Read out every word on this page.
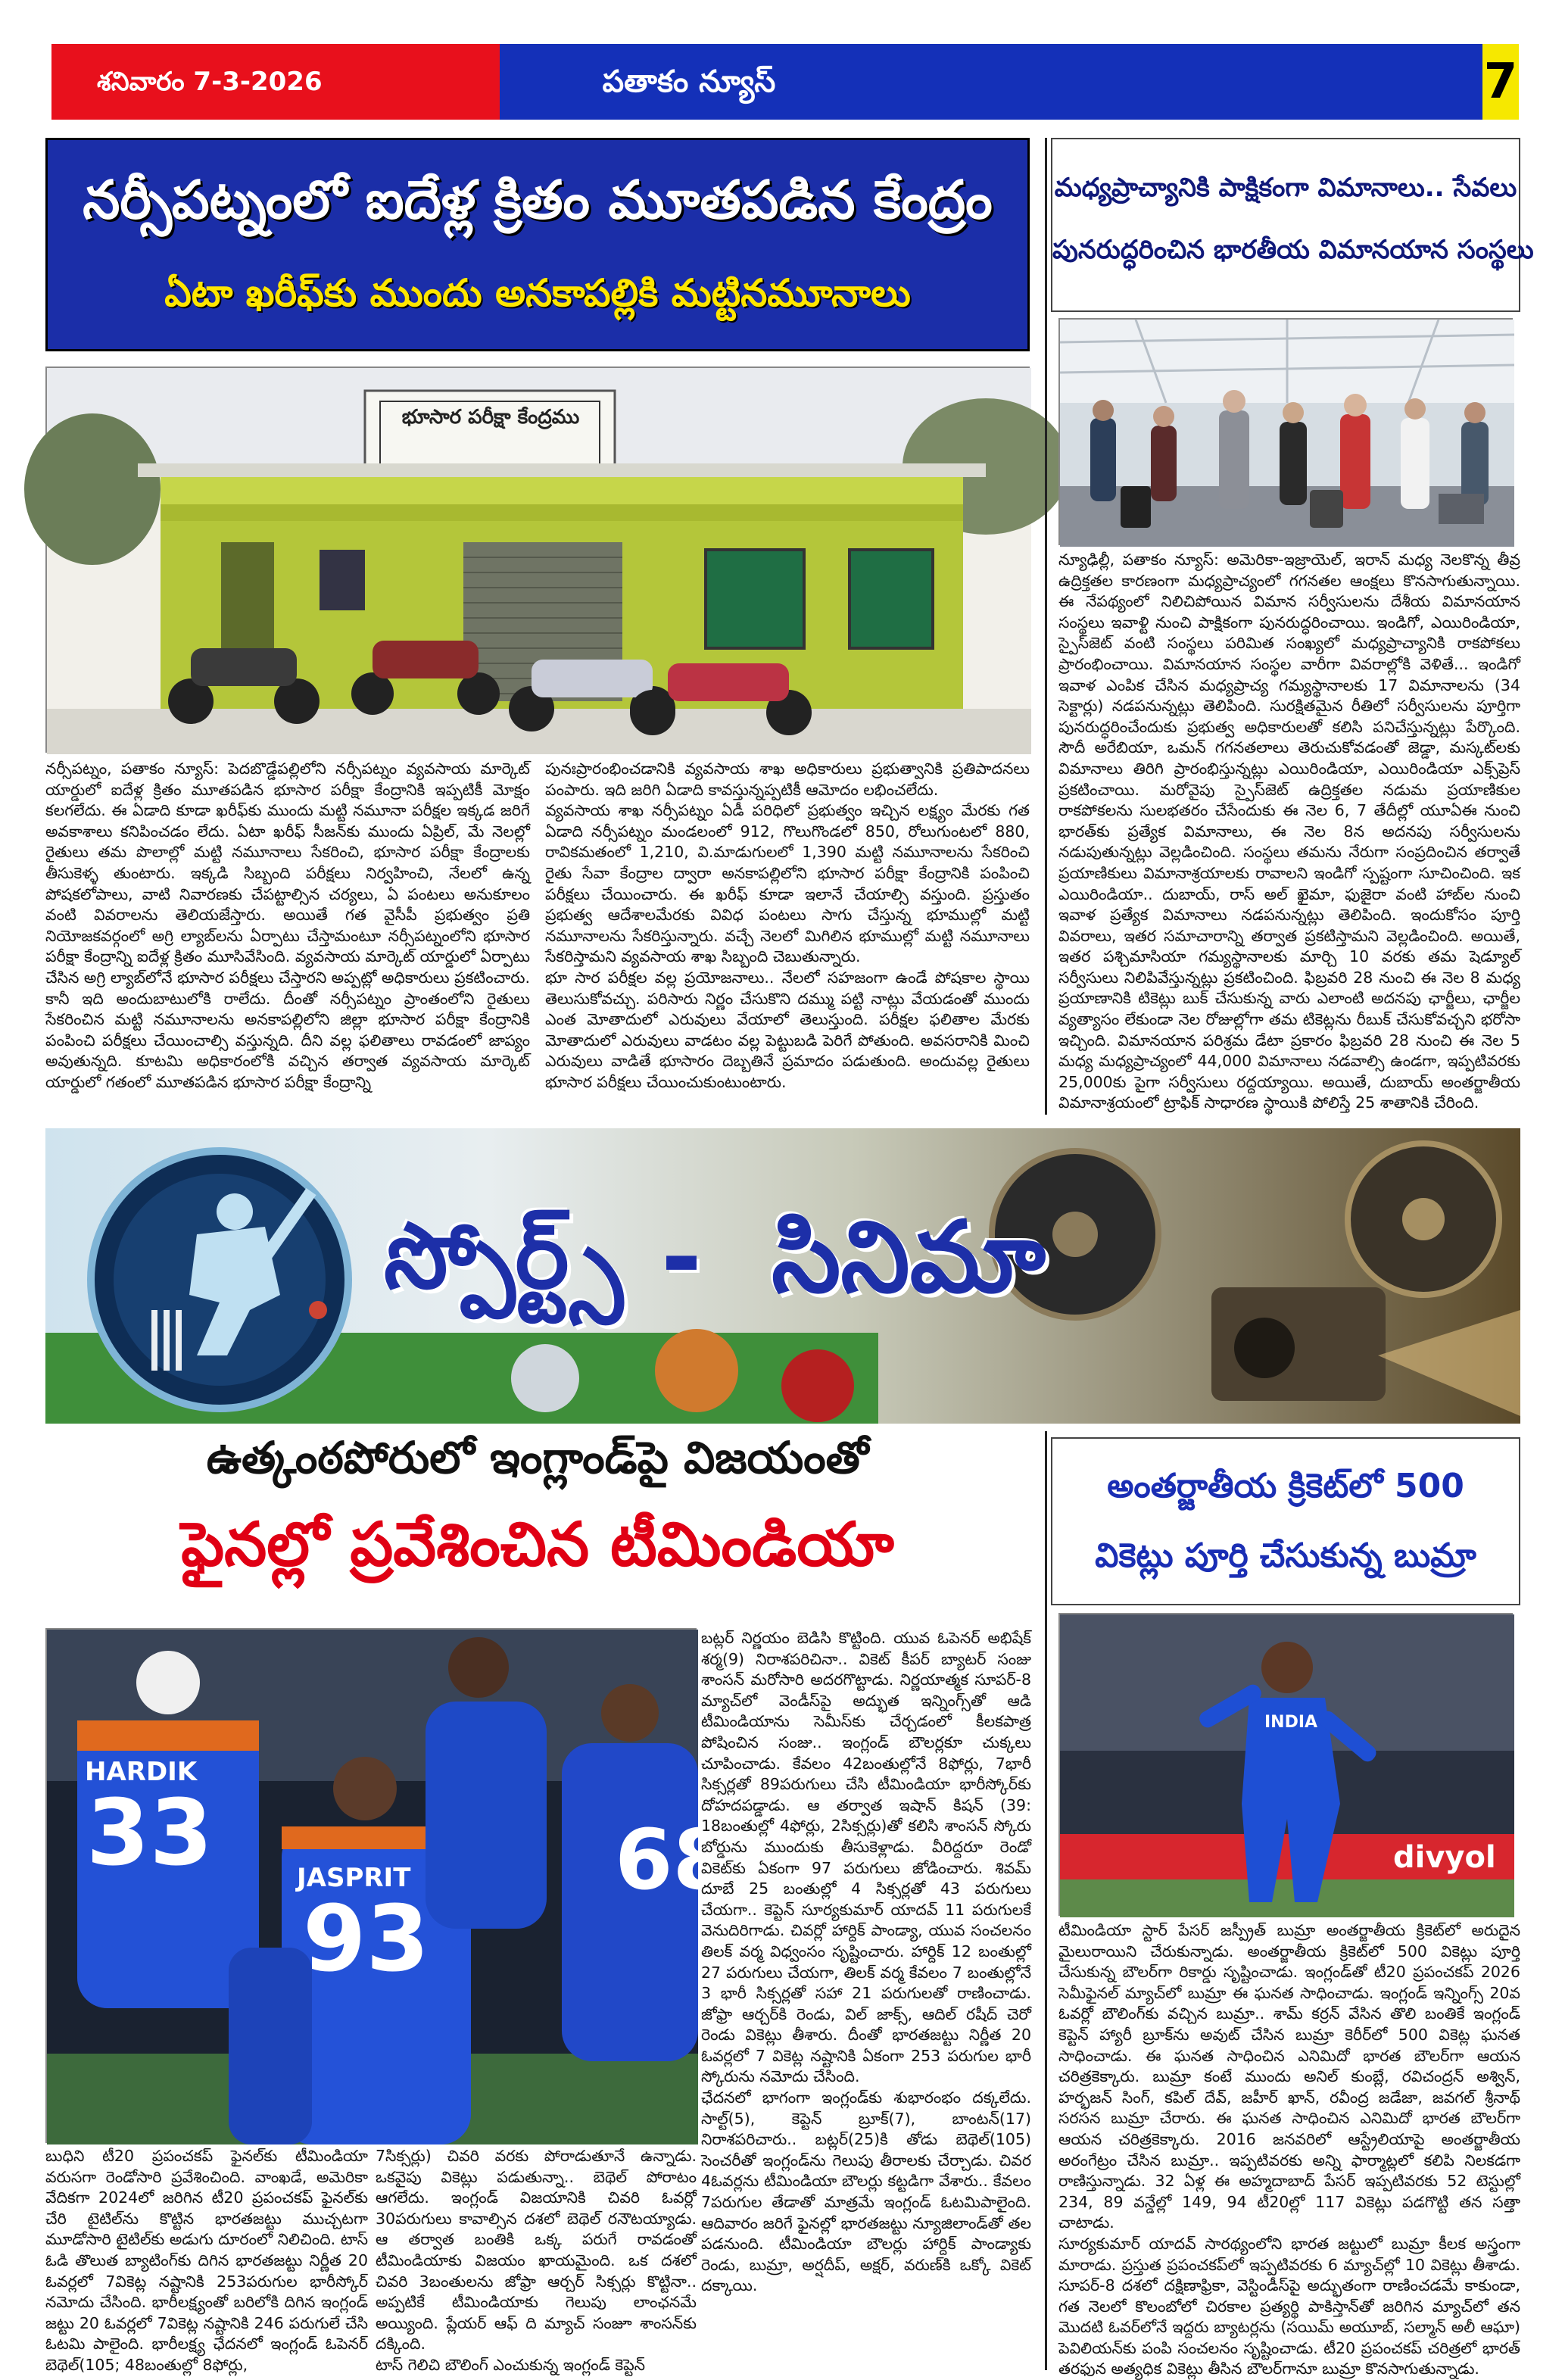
శనివారం 7-3-2026	పతాకం న్యూస్	7
నర్సీపట్నంలో ఐదేళ్ల క్రితం మూతపడిన కేంద్రం
ఏటా ఖరీఫ్‌కు ముందు అనకాపల్లికి మట్టినమూనాలు
భూసార పరీక్షా కేంద్రము
నర్సీపట్నం, పతాకం న్యూస్: పెదబొడ్డేపల్లిలోని నర్సీపట్నం వ్యవసాయ మార్కెట్ యార్డులో ఐదేళ్ల క్రితం మూతపడిన భూసార పరీక్షా కేంద్రానికి ఇప్పటికీ మోక్షం కలగలేదు. ఈ ఏడాది కూడా ఖరీఫ్‌కు ముందు మట్టి నమూనా పరీక్షల ఇక్కడ జరిగే అవకాశాలు కనిపించడం లేదు. ఏటా ఖరీఫ్ సీజన్‌కు ముందు ఏప్రిల్, మే నెలల్లో రైతులు తమ పొలాల్లో మట్టి నమూనాలు సేకరించి, భూసార పరీక్షా కేంద్రాలకు తీసుకెళ్ళ తుంటారు. ఇక్కడి సిబ్బంది పరీక్షలు నిర్వహించి, నేలలో ఉన్న పోషకలోపాలు, వాటి నివారణకు చేపట్టాల్సిన చర్యలు, ఏ పంటలు అనుకూలం వంటి వివరాలను తెలియజేస్తారు. అయితే గత వైసీపీ ప్రభుత్వం ప్రతి నియోజకవర్గంలో అగ్రి ల్యాబ్‌లను ఏర్పాటు చేస్తామంటూ నర్సీపట్నంలోని భూసార పరీక్షా కేంద్రాన్ని ఐదేళ్ల క్రితం మూసివేసింది. వ్యవసాయ మార్కెట్ యార్డులో ఏర్పాటు చేసిన అగ్రి ల్యాబ్‌లోనే భూసార పరీక్షలు చేస్తారని అప్పట్లో అధికారులు ప్రకటించారు. కానీ ఇది అందుబాటులోకి రాలేదు. దీంతో నర్సీపట్నం ప్రాంతంలోని రైతులు సేకరించిన మట్టి నమూనాలను అనకాపల్లిలోని జిల్లా భూసార పరీక్షా కేంద్రానికి పంపించి పరీక్షలు చేయించాల్సి వస్తున్నది. దీని వల్ల ఫలితాలు రావడంలో జాప్యం అవుతున్నది. కూటమి అధికారంలోకి వచ్చిన తర్వాత వ్యవసాయ మార్కెట్ యార్డులో గతంలో మూతపడిన భూసార పరీక్షా కేంద్రాన్ని
పునఃప్రారంభించడానికి వ్యవసాయ శాఖ అధికారులు ప్రభుత్వానికి ప్రతిపాదనలు పంపారు. ఇది జరిగి ఏడాది కావస్తున్నప్పటికీ ఆమోదం లభించలేదు.
వ్యవసాయ శాఖ నర్సీపట్నం ఏడీ పరిధిలో ప్రభుత్వం ఇచ్చిన లక్ష్యం మేరకు గత ఏడాది నర్సీపట్నం మండలంలో 912, గొలుగొండలో 850, రోలుగుంటలో 880, రావికమతంలో 1,210, వి.మాడుగులలో 1,390 మట్టి నమూనాలను సేకరించి రైతు సేవా కేంద్రాల ద్వారా అనకాపల్లిలోని భూసార పరీక్షా కేంద్రానికి పంపించి పరీక్షలు చేయించారు. ఈ ఖరీఫ్ కూడా ఇలానే చేయాల్సి వస్తుంది. ప్రస్తుతం ప్రభుత్వ ఆదేశాలమేరకు వివిధ పంటలు సాగు చేస్తున్న భూముల్లో మట్టి నమూనాలను సేకరిస్తున్నారు. వచ్చే నెలలో మిగిలిన భూముల్లో మట్టి నమూనాలు సేకరిస్తామని వ్యవసాయ శాఖ సిబ్బంది చెబుతున్నారు.
భూ సార పరీక్షల వల్ల ప్రయోజనాలు.. నేలలో సహజంగా ఉండే పోషకాల స్థాయి తెలుసుకోవచ్చు. పరిసారు నిర్ణం చేసుకొని దమ్ము పట్టి నాట్లు వేయడంతో ముందు ఎంత మోతాదులో ఎరువులు వేయాలో తెలుస్తుంది. పరీక్షల ఫలితాల మేరకు మోతాదులో ఎరువులు వాడటం వల్ల పెట్టుబడి పెరిగే పోతుంది. అవసరానికి మించి ఎరువులు వాడితే భూసారం దెబ్బతినే ప్రమాదం పడుతుంది. అందువల్ల రైతులు భూసార పరీక్షలు చేయించుకుంటుంటారు.
మధ్యప్రాచ్యానికి పాక్షికంగా విమానాలు.. సేవలు
పునరుద్ధరించిన భారతీయ విమానయాన సంస్థలు
న్యూఢిల్లీ, పతాకం న్యూస్: అమెరికా-ఇజ్రాయెల్, ఇరాన్ మధ్య నెలకొన్న తీవ్ర ఉద్రిక్తతల కారణంగా మధ్యప్రాచ్యంలో గగనతల ఆంక్షలు కొనసాగుతున్నాయి. ఈ నేపథ్యంలో నిలిచిపోయిన విమాన సర్వీసులను దేశీయ విమానయాన సంస్థలు ఇవాళ్టి నుంచి పాక్షికంగా పునరుద్ధరించాయి. ఇండిగో, ఎయిరిండియా, స్పైస్‌జెట్ వంటి సంస్థలు పరిమిత సంఖ్యలో మధ్యప్రాచ్యానికి రాకపోకలు ప్రారంభించాయి. విమానయాన సంస్థల వారీగా వివరాల్లోకి వెళితే... ఇండిగో ఇవాళ ఎంపిక చేసిన మధ్యప్రాచ్య గమ్యస్థానాలకు 17 విమానాలను (34 సెక్టార్లు) నడపనున్నట్లు తెలిపింది. సురక్షితమైన రీతిలో సర్వీసులను పూర్తిగా పునరుద్ధరించేందుకు ప్రభుత్వ అధికారులతో కలిసి పనిచేస్తున్నట్లు పేర్కొంది. సౌదీ అరేబియా, ఒమన్ గగనతలాలు తెరుచుకోవడంతో జెడ్డా, మస్కట్‌లకు విమానాలు తిరిగి ప్రారంభిస్తున్నట్లు ఎయిరిండియా, ఎయిరిండియా ఎక్స్‌ప్రెస్ ప్రకటించాయి. మరోవైపు స్పైస్‌జెట్ ఉద్రిక్తతల నడుమ ప్రయాణికుల రాకపోకలను సులభతరం చేసేందుకు ఈ నెల 6, 7 తేదీల్లో యూఏఈ నుంచి భారత్‌కు ప్రత్యేక విమానాలు, ఈ నెల 8న అదనపు సర్వీసులను నడుపుతున్నట్లు వెల్లడించింది. సంస్థలు తమను నేరుగా సంప్రదించిన తర్వాతే ప్రయాణికులు విమానాశ్రయాలకు రావాలని ఇండిగో స్పష్టంగా సూచించింది. ఇక ఎయిరిండియా.. దుబాయ్, రాస్ అల్ ఖైమా, ఫుజైరా వంటి హాబ్‌ల నుంచి ఇవాళ ప్రత్యేక విమానాలు నడపనున్నట్లు తెలిపింది. ఇందుకోసం పూర్తి వివరాలు, ఇతర సమాచారాన్ని తర్వాత ప్రకటిస్తామని వెల్లడించింది. అయితే, ఇతర పశ్చిమాసియా గమ్యస్థానాలకు మార్చి 10 వరకు తమ షెడ్యూల్ సర్వీసులు నిలిపివేస్తున్నట్లు ప్రకటించింది. ఫిబ్రవరి 28 నుంచి ఈ నెల 8 మధ్య ప్రయాణానికి టికెట్లు బుక్ చేసుకున్న వారు ఎలాంటి అదనపు ఛార్జీలు, ఛార్జీల వ్యత్యాసం లేకుండా నెల రోజుల్లోగా తమ టికెట్లను రీబుక్ చేసుకోవచ్చని భరోసా ఇచ్చింది. విమానయాన పరిశ్రమ డేటా ప్రకారం ఫిబ్రవరి 28 నుంచి ఈ నెల 5 మధ్య మధ్యప్రాచ్యంలో 44,000 విమానాలు నడవాల్సి ఉండగా, ఇప్పటివరకు 25,000కు పైగా సర్వీసులు రద్దయ్యాయి. అయితే, దుబాయ్ అంతర్జాతీయ విమానాశ్రయంలో ట్రాఫిక్ సాధారణ స్థాయికి పోలిస్తే 25 శాతానికి చేరింది.
స్పోర్ట్స్ - సినిమా
ఉత్కంఠపోరులో ఇంగ్లాండ్‌పై విజయంతో
ఫైనల్లో ప్రవేశించిన టీమిండియా
HARDIK
33	JASPRIT
93
68
బట్లర్ నిర్ణయం బెడిసి కొట్టింది. యువ ఓపెనర్ అభిషేక్ శర్మ(9) నిరాశపరిచినా.. వికెట్ కీపర్ బ్యాటర్ సంజు శాంసన్ మరోసారి అదరగొట్టాడు. నిర్ణయాత్మక సూపర్-8 మ్యాచ్‌లో వెండీస్‌పై అద్భుత ఇన్నింగ్స్‌తో ఆడి టీమిండియాను సెమీస్‌కు చేర్చడంలో కీలకపాత్ర పోషించిన సంజు.. ఇంగ్లండ్ బౌలర్లకూ చుక్కలు చూపించాడు. కేవలం 42బంతుల్లోనే 8ఫోర్లు, 7భారీ సిక్సర్లతో 89పరుగులు చేసి టీమిండియా భారీస్కోర్‌కు దోహదపడ్డాడు. ఆ తర్వాత ఇషాన్ కిషన్ (39: 18బంతుల్లో 4ఫోర్లు, 2సిక్సర్లు)తో కలిసి శాంసన్ స్కోరు బోర్డును ముందుకు తీసుకెళ్లాడు. వీరిద్దరూ రెండో వికెట్‌కు ఏకంగా 97 పరుగులు జోడించారు. శివమ్ దూబే 25 బంతుల్లో 4 సిక్సర్లతో 43 పరుగులు చేయగా.. కెప్టెన్ సూర్యకుమార్ యాదవ్ 11 పరుగులకే వెనుదిరిగాడు. చివర్లో హార్దిక్ పాండ్యా, యువ సంచలనం తిలక్ వర్మ విధ్వంసం సృష్టించారు. హార్దిక్ 12 బంతుల్లో 27 పరుగులు చేయగా, తిలక్ వర్మ కేవలం 7 బంతుల్లోనే 3 భారీ సిక్సర్లతో సహా 21 పరుగులతో రాణించాడు. జోఫ్రా ఆర్చర్‌కి రెండు, విల్ జాక్స్, ఆదిల్ రషీద్ చెరో రెండు వికెట్లు తీశారు. దీంతో భారతజట్టు నిర్ణీత 20 ఓవర్లలో 7 వికెట్ల నష్టానికి ఏకంగా 253 పరుగుల భారీ స్కోరును నమోదు చేసింది.
ఛేదనలో భాగంగా ఇంగ్లండ్‌కు శుభారంభం దక్కలేదు. సాల్ట్(5), కెప్టెన్ బ్రూక్(7), బాంటన్(17) నిరాశపరిచారు.. బట్లర్(25)కి తోడు బెథెల్(105) సెంచరీతో ఇంగ్లండ్‌ను గెలుపు తీరాలకు చేర్చాడు. చివర 4ఓవర్లను టీమిండియా బౌలర్లు కట్టడిగా వేశారు.. కేవలం 7పరుగుల తేడాతో మాత్రమే ఇంగ్లండ్ ఓటమిపాలైంది. ఆదివారం జరిగే ఫైనల్లో భారతజట్టు న్యూజిలాండ్‌తో తల పడనుంది. టీమిండియా బౌలర్లు హార్దిక్ పాండ్యాకు రెండు, బుమ్రా, అర్షదీప్, అక్షర్, వరుణ్‌కి ఒక్కో వికెట్ దక్కాయి.
బుధిని టీ20 ప్రపంచకప్ ఫైనల్‌కు టీమిండియా వరుసగా రెండోసారి ప్రవేశించింది. వాంఖడే, అమెరికా వేదికగా 2024లో జరిగిన టీ20 ప్రపంచకప్ ఫైనల్‌కు చేరి టైటిల్‌ను కొట్టిన భారతజట్టు ముచ్చటగా మూడోసారి టైటిల్‌కు అడుగు దూరంలో నిలిచింది. టాస్ ఓడి తొలుత బ్యాటింగ్‌కు దిగిన భారతజట్టు నిర్ణీత 20 ఓవర్లలో 7వికెట్ల నష్టానికి 253పరుగుల భారీస్కోర్ నమోదు చేసింది. భారీలక్ష్యంతో బరిలోకి దిగిన ఇంగ్లండ్ జట్టు 20 ఓవర్లలో 7వికెట్ల నష్టానికి 246 పరుగులే చేసి ఓటమి పాలైంది. భారీలక్ష్య ఛేదనలో ఇంగ్లండ్ ఓపెనర్ బెథెల్(105; 48బంతుల్లో 8ఫోర్లు,
7సిక్సర్లు) చివరి వరకు పోరాడుతూనే ఉన్నాడు. ఒకవైపు వికెట్లు పడుతున్నా.. బెథెల్ పోరాటం ఆగలేదు. ఇంగ్లండ్ విజయానికి చివరి ఓవర్లో 30పరుగులు కావాల్సిన దశలో బెథెల్ రనౌటయ్యాడు. ఆ తర్వాత బంతికి ఒక్క పరుగే రావడంతో టీమిండియాకు విజయం ఖాయమైంది. ఒక దశలో చివరి 3బంతులను జోఫ్రా ఆర్చర్ సిక్సర్లు కొట్టినా.. అప్పటికే టీమిండియాకు గెలుపు లాంఛనమే అయ్యింది. ప్లేయర్ ఆఫ్ ది మ్యాచ్ సంజూ శాంసన్‌కు దక్కింది.
టాస్ గెలిచి బౌలింగ్ ఎంచుకున్న ఇంగ్లండ్ కెప్టెన్
అంతర్జాతీయ క్రికెట్‌లో 500
వికెట్లు పూర్తి చేసుకున్న బుమ్రా
INDIA
divyol
టీమిండియా స్టార్ పేసర్ జస్ప్రీత్ బుమ్రా అంతర్జాతీయ క్రికెట్‌లో అరుదైన మైలురాయిని చేరుకున్నాడు. అంతర్జాతీయ క్రికెట్‌లో 500 వికెట్లు పూర్తి చేసుకున్న బౌలర్‌గా రికార్డు సృష్టించాడు. ఇంగ్లండ్‌తో టీ20 ప్రపంచకప్ 2026 సెమీఫైనల్ మ్యాచ్‌లో బుమ్రా ఈ ఘనత సాధించాడు. ఇంగ్లండ్ ఇన్నింగ్స్ 20వ ఓవర్లో బౌలింగ్‌కు వచ్చిన బుమ్రా.. శామ్ కర్రన్ వేసిన తొలి బంతికే ఇంగ్లండ్ కెప్టెన్ హ్యారీ బ్రూక్‌ను అవుట్ చేసిన బుమ్రా కెరీర్‌లో 500 వికెట్ల ఘనత సాధించాడు. ఈ ఘనత సాధించిన ఎనిమిదో భారత బౌలర్‌గా ఆయన చరిత్రకెక్కారు. బుమ్రా కంటే ముందు అనిల్ కుంబ్లే, రవిచంద్రన్ అశ్విన్, హర్భజన్ సింగ్, కపిల్ దేవ్, జహీర్ ఖాన్, రవీంద్ర జడేజా, జవగల్ శ్రీనాథ్ సరసన బుమ్రా చేరారు. ఈ ఘనత సాధించిన ఎనిమిదో భారత బౌలర్‌గా ఆయన చరిత్రకెక్కారు. 2016 జనవరిలో ఆస్ట్రేలియాపై అంతర్జాతీయ అరంగేట్రం చేసిన బుమ్రా.. ఇప్పటివరకు అన్ని ఫార్మాట్లలో కలిపి నిలకడగా రాణిస్తున్నాడు. 32 ఏళ్ల ఈ అహ్మదాబాద్ పేసర్ ఇప్పటివరకు 52 టెస్టుల్లో 234, 89 వన్డేల్లో 149, 94 టీ20ల్లో 117 వికెట్లు పడగొట్టి తన సత్తా చాటాడు.
సూర్యకుమార్ యాదవ్ సారథ్యంలోని భారత జట్టులో బుమ్రా కీలక అస్త్రంగా మారాడు. ప్రస్తుత ప్రపంచకప్‌లో ఇప్పటివరకు 6 మ్యాచ్‌ల్లో 10 వికెట్లు తీశాడు. సూపర్-8 దశలో దక్షిణాఫ్రికా, వెస్టిండీస్‌పై అద్భుతంగా రాణించడమే కాకుండా, గత నెలలో కొలంబోలో చిరకాల ప్రత్యర్థి పాకిస్తాన్‌తో జరిగిన మ్యాచ్‌లో తన మొదటి ఓవర్‌లోనే ఇద్దరు బ్యాటర్లను (సయిమ్ అయూబ్, సల్మాన్ అలీ ఆఘా) పెవిలియన్‌కు పంపి సంచలనం సృష్టించాడు. టీ20 ప్రపంచకప్ చరిత్రలో భారత్ తరఫున అత్యధిక వికెట్లు తీసిన బౌలర్‌గానూ బుమ్రా కొనసాగుతున్నాడు.
